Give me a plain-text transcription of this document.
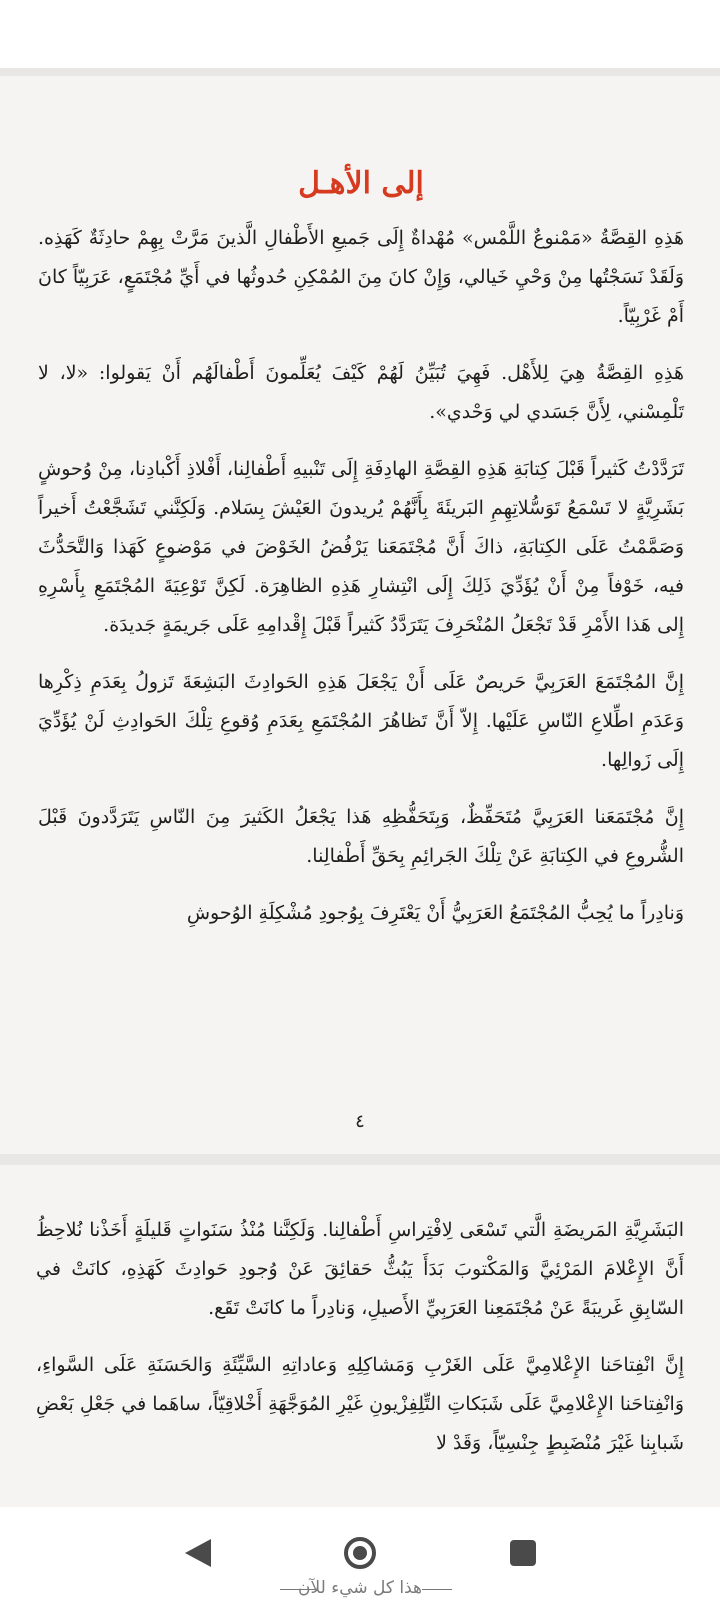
إلى الأهـل

هَذِهِ القِصَّةُ «مَمْنوعٌ اللَّمْس» مُهْداةٌ إِلَى جَميعِ الأَطْفالِ الَّذينَ مَرَّتْ بِهِمْ حادِثَةٌ كَهَذِه. وَلَقَدْ نَسَجْتُها مِنْ وَحْيِ خَيالي، وَإِنْ كانَ مِنَ المُمْكِنِ حُدوثُها في أَيِّ مُجْتَمَعٍ، عَرَبِيّاً كانَ أَمْ غَرْبِيّاً.

هَذِهِ القِصَّةُ هِيَ لِلأَهْل. فَهِيَ تُبَيِّنُ لَهُمْ كَيْفَ يُعَلِّمونَ أَطْفالَهُم أَنْ يَقولوا: «لا، لا تَلْمِسْني، لِأَنَّ جَسَدي لي وَحْدي».

تَرَدَّدْتُ كَثيراً قَبْلَ كِتابَةِ هَذِهِ القِصَّةِ الهادِفَةِ إِلَى تَنْبيهِ أَطْفالِنا، أَفْلاذِ أَكْبادِنا، مِنْ وُحوشٍ بَشَرِيَّةٍ لا تَسْمَعُ تَوَسُّلاتِهِمِ البَريئَةَ بِأَنَّهُمْ يُريدونَ العَيْشَ بِسَلام. وَلَكِنَّني تَشَجَّعْتُ أَخيراً وَصَمَّمْتُ عَلَى الكِتابَةِ، ذاكَ أَنَّ مُجْتَمَعَنا يَرْفُضُ الخَوْضَ في مَوْضوعٍ كَهَذا وَالتَّحَدُّثَ فيه، خَوْفاً مِنْ أَنْ يُؤَدِّيَ ذَلِكَ إِلَى انْتِشارِ هَذِهِ الظاهِرَة. لَكِنَّ تَوْعِيَةَ المُجْتَمَعِ بِأَسْرِهِ إِلى هَذا الأَمْرِ قَدْ تَجْعَلُ المُنْحَرِفَ يَتَرَدَّدُ كَثيراً قَبْلَ إِقْدامِهِ عَلَى جَريمَةٍ جَديدَة.

إِنَّ المُجْتَمَعَ العَرَبِيَّ حَريصٌ عَلَى أَنْ يَجْعَلَ هَذِهِ الحَوادِثَ البَشِعَةَ تَزولُ بِعَدَمِ ذِكْرِها وَعَدَمِ اطِّلاعِ النّاسِ عَلَيْها. إِلاّ أَنَّ تَظاهُرَ المُجْتَمَعِ بِعَدَمِ وُقوعِ تِلْكَ الحَوادِثِ لَنْ يُؤَدِّيَ إِلَى زَوالِها.

إِنَّ مُجْتَمَعَنا العَرَبِيَّ مُتَحَفِّظٌ، وَبِتَحَفُّظِهِ هَذا يَجْعَلُ الكَثيرَ مِنَ النّاسِ يَتَرَدَّدونَ قَبْلَ الشُّروعِ في الكِتابَةِ عَنْ تِلْكَ الجَرائِمِ بِحَقِّ أَطْفالِنا.

وَنادِراً ما يُحِبُّ المُجْتَمَعُ العَرَبِيُّ أَنْ يَعْتَرِفَ بِوُجودِ مُشْكِلَةِ الوُحوشِ

٤

البَشَرِيَّةِ المَريضَةِ الَّتي تَسْعَى لِافْتِراسِ أَطْفالِنا. وَلَكِنَّنا مُنْذُ سَنَواتٍ قَليلَةٍ أَخَذْنا نُلاحِظُ أَنَّ الإِعْلامَ المَرْئِيَّ وَالمَكْتوبَ بَدَأَ يَبُثُّ حَقائِقَ عَنْ وُجودِ حَوادِثَ كَهَذِهِ، كانَتْ في السّابِقِ غَريبَةً عَنْ مُجْتَمَعِنا العَرَبِيِّ الأَصيلِ، وَنادِراً ما كانَتْ تَقَع.

إِنَّ انْفِتاحَنا الإِعْلامِيَّ عَلَى الغَرْبِ وَمَشاكِلِهِ وَعاداتِهِ السَّيِّئَةِ وَالحَسَنَةِ عَلَى السَّواءِ، وَانْفِتاحَنا الإِعْلامِيَّ عَلَى شَبَكاتِ التِّلِفِزْيونِ غَيْرِ المُوَجَّهَةِ أَخْلاقِيّاً، ساهَما في جَعْلِ بَعْضِ شَبابِنا غَيْرَ مُنْضَبِطٍ جِنْسِيّاً، وَقَدْ لا

هذا كل شيء للآن
